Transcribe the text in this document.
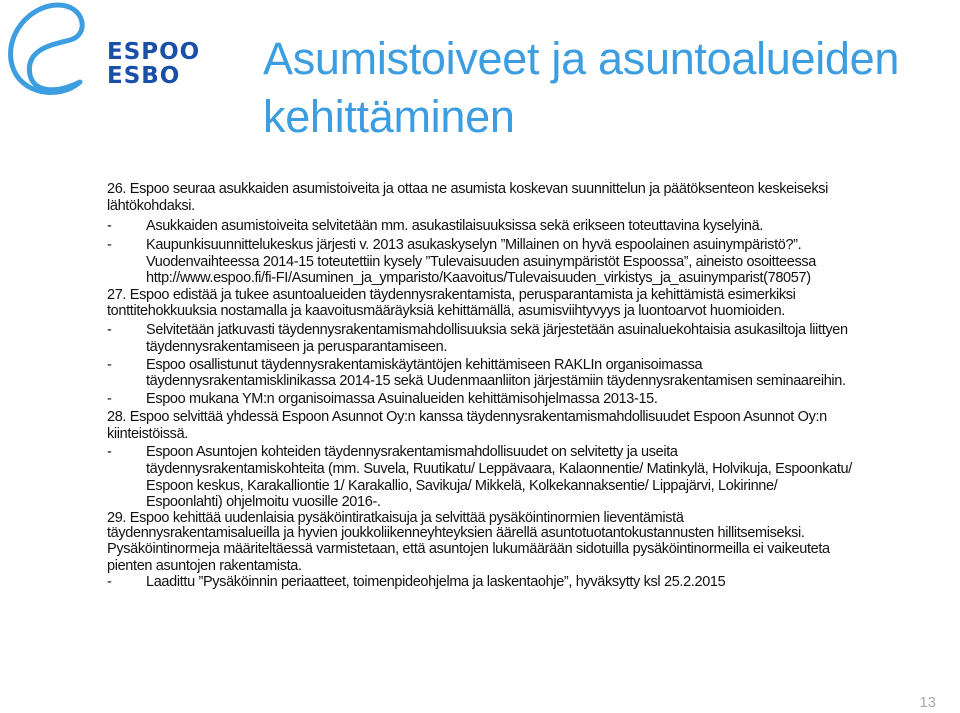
ESPOO
ESBO	Asumistoiveet ja asuntoalueiden
kehittäminen
26. Espoo seuraa asukkaiden asumistoiveita ja ottaa ne asumista koskevan suunnittelun ja päätöksenteon keskeiseksi
lähtökohdaksi.
- Asukkaiden asumistoiveita selvitetään mm. asukastilaisuuksissa sekä erikseen toteuttavina kyselyinä.
- Kaupunkisuunnittelukeskus järjesti v. 2013 asukaskyselyn ”Millainen on hyvä espoolainen asuinympäristö?”.
Vuodenvaihteessa 2014-15 toteutettiin kysely ”Tulevaisuuden asuinympäristöt Espoossa”, aineisto osoitteessa
http://www.espoo.fi/fi-FI/Asuminen_ja_ymparisto/Kaavoitus/Tulevaisuuden_virkistys_ja_asuinymparist(78057)
27. Espoo edistää ja tukee asuntoalueiden täydennysrakentamista, perusparantamista ja kehittämistä esimerkiksi
tonttitehokkuuksia nostamalla ja kaavoitusmääräyksiä kehittämällä, asumisviihtyvyys ja luontoarvot huomioiden.
- Selvitetään jatkuvasti täydennysrakentamismahdollisuuksia sekä järjestetään asuinaluekohtaisia asukasiltoja liittyen
täydennysrakentamiseen ja perusparantamiseen.
- Espoo osallistunut täydennysrakentamiskäytäntöjen kehittämiseen RAKLIn organisoimassa
täydennysrakentamisklinikassa 2014-15 sekä Uudenmaanliiton järjestämiin täydennysrakentamisen seminaareihin.
- Espoo mukana YM:n organisoimassa Asuinalueiden kehittämisohjelmassa 2013-15.
28. Espoo selvittää yhdessä Espoon Asunnot Oy:n kanssa täydennysrakentamismahdollisuudet Espoon Asunnot Oy:n
kiinteistöissä.
- Espoon Asuntojen kohteiden täydennysrakentamismahdollisuudet on selvitetty ja useita
täydennysrakentamiskohteita (mm. Suvela, Ruutikatu/ Leppävaara, Kalaonnentie/ Matinkylä, Holvikuja, Espoonkatu/
Espoon keskus, Karakalliontie 1/ Karakallio, Savikuja/ Mikkelä, Kolkekannaksentie/ Lippajärvi, Lokirinne/
Espoonlahti) ohjelmoitu vuosille 2016-.
29. Espoo kehittää uudenlaisia pysäköintiratkaisuja ja selvittää pysäköintinormien lieventämistä
täydennysrakentamisalueilla ja hyvien joukkoliikenneyhteyksien äärellä asuntotuotantokustannusten hillitsemiseksi.
Pysäköintinormeja määriteltäessä varmistetaan, että asuntojen lukumäärään sidotuilla pysäköintinormeilla ei vaikeuteta
pienten asuntojen rakentamista.
- Laadittu ”Pysäköinnin periaatteet, toimenpideohjelma ja laskentaohje”, hyväksytty ksl 25.2.2015
13
